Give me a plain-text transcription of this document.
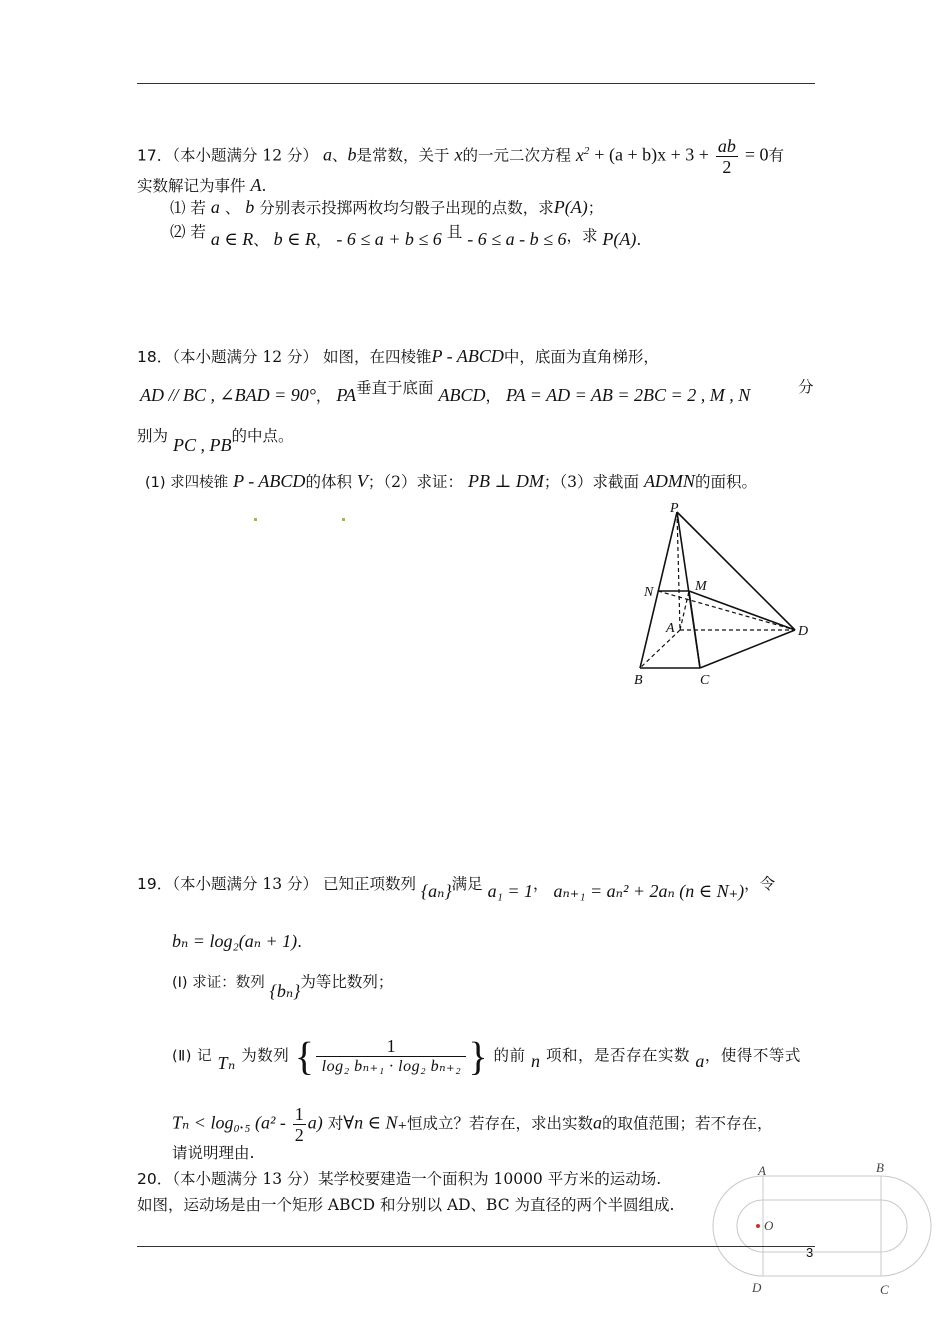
17．（本小题满分 12 分） a、b是常数，关于 x的一元二次方程 $x^2 + (a + b)x + 3 + \frac{ab}{2} = 0$有
实数解记为事件 A.
⑴ 若 a 、 b 分别表示投掷两枚均匀骰子出现的点数，求P(A)；
⑵ 若 a ∈ R、 b ∈ R， - 6 ≤ a + b ≤ 6 且 - 6 ≤ a - b ≤ 6，求 P(A).
18．（本小题满分 12 分） 如图，在四棱锥P - ABCD中，底面为直角梯形，
AD // BC , ∠BAD = 90°， PA垂直于底面 ABCD， PA = AD = AB = 2BC = 2 , M , N	分
别为 PC , PB的中点。
(1) 求四棱锥 P - ABCD的体积 V；（2）求证： PB ⊥ DM；（3）求截面 ADMN的面积。
P
N	M
A	D
B	C
19．（本小题满分 13 分） 已知正项数列 {aₙ}满足 a₁ = 1， aₙ₊₁ = aₙ² + 2aₙ (n ∈ N₊)，令
bₙ = log₂(aₙ + 1).
(Ⅰ) 求证：数列 {bₙ}为等比数列；
(Ⅱ) 记 Tₙ 为数列 { $\frac{1}{\text{log₂ bₙ₊₁ · log₂ bₙ₊₂}}$ } 的前 n 项和，是否存在实数 a，使得不等式
Tₙ < log₀.₅ $(a^2 - \frac{1}{2} a)$ 对∀n ∈ N₊恒成立？若存在，求出实数a的取值范围；若不存在，
请说明理由.
20．（本小题满分 13 分）某学校要建造一个面积为 10000 平方米的运动场.
如图，运动场是由一个矩形 ABCD 和分别以 AD、BC 为直径的两个半圆组成.
A	B
O
D	C
3
